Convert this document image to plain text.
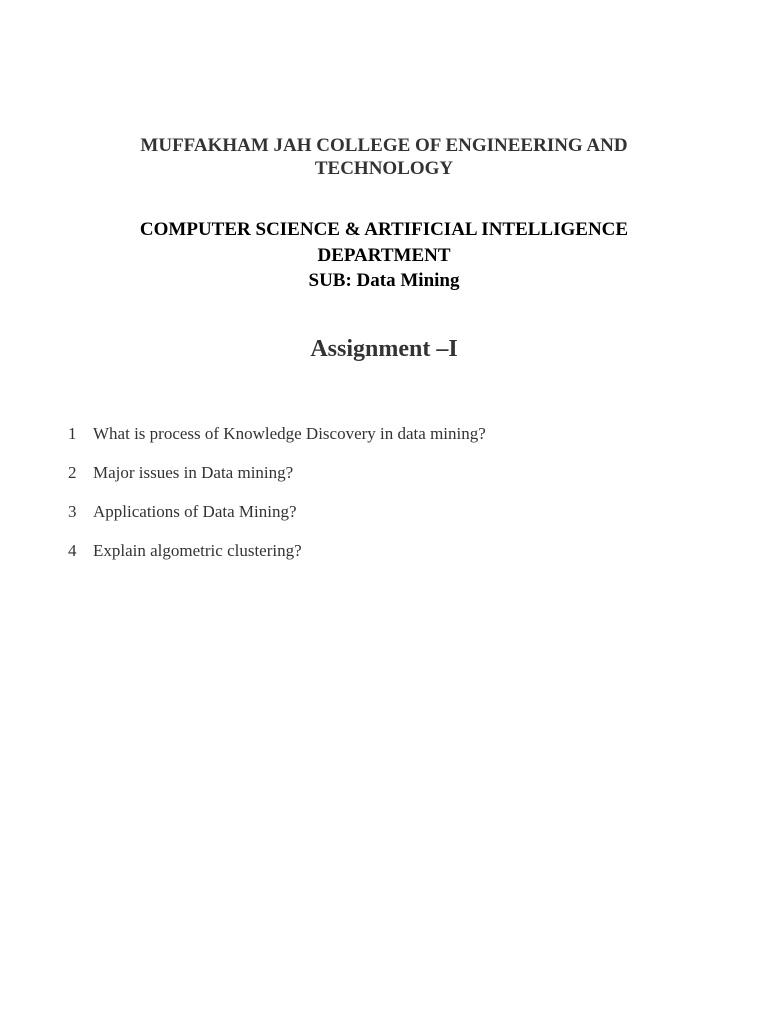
MUFFAKHAM JAH COLLEGE OF ENGINEERING AND TECHNOLOGY
COMPUTER SCIENCE & ARTIFICIAL INTELLIGENCE DEPARTMENT
SUB: Data Mining
Assignment –I
1 What is process of Knowledge Discovery in data mining?
2 Major issues in Data mining?
3 Applications of Data Mining?
4 Explain algometric clustering?
